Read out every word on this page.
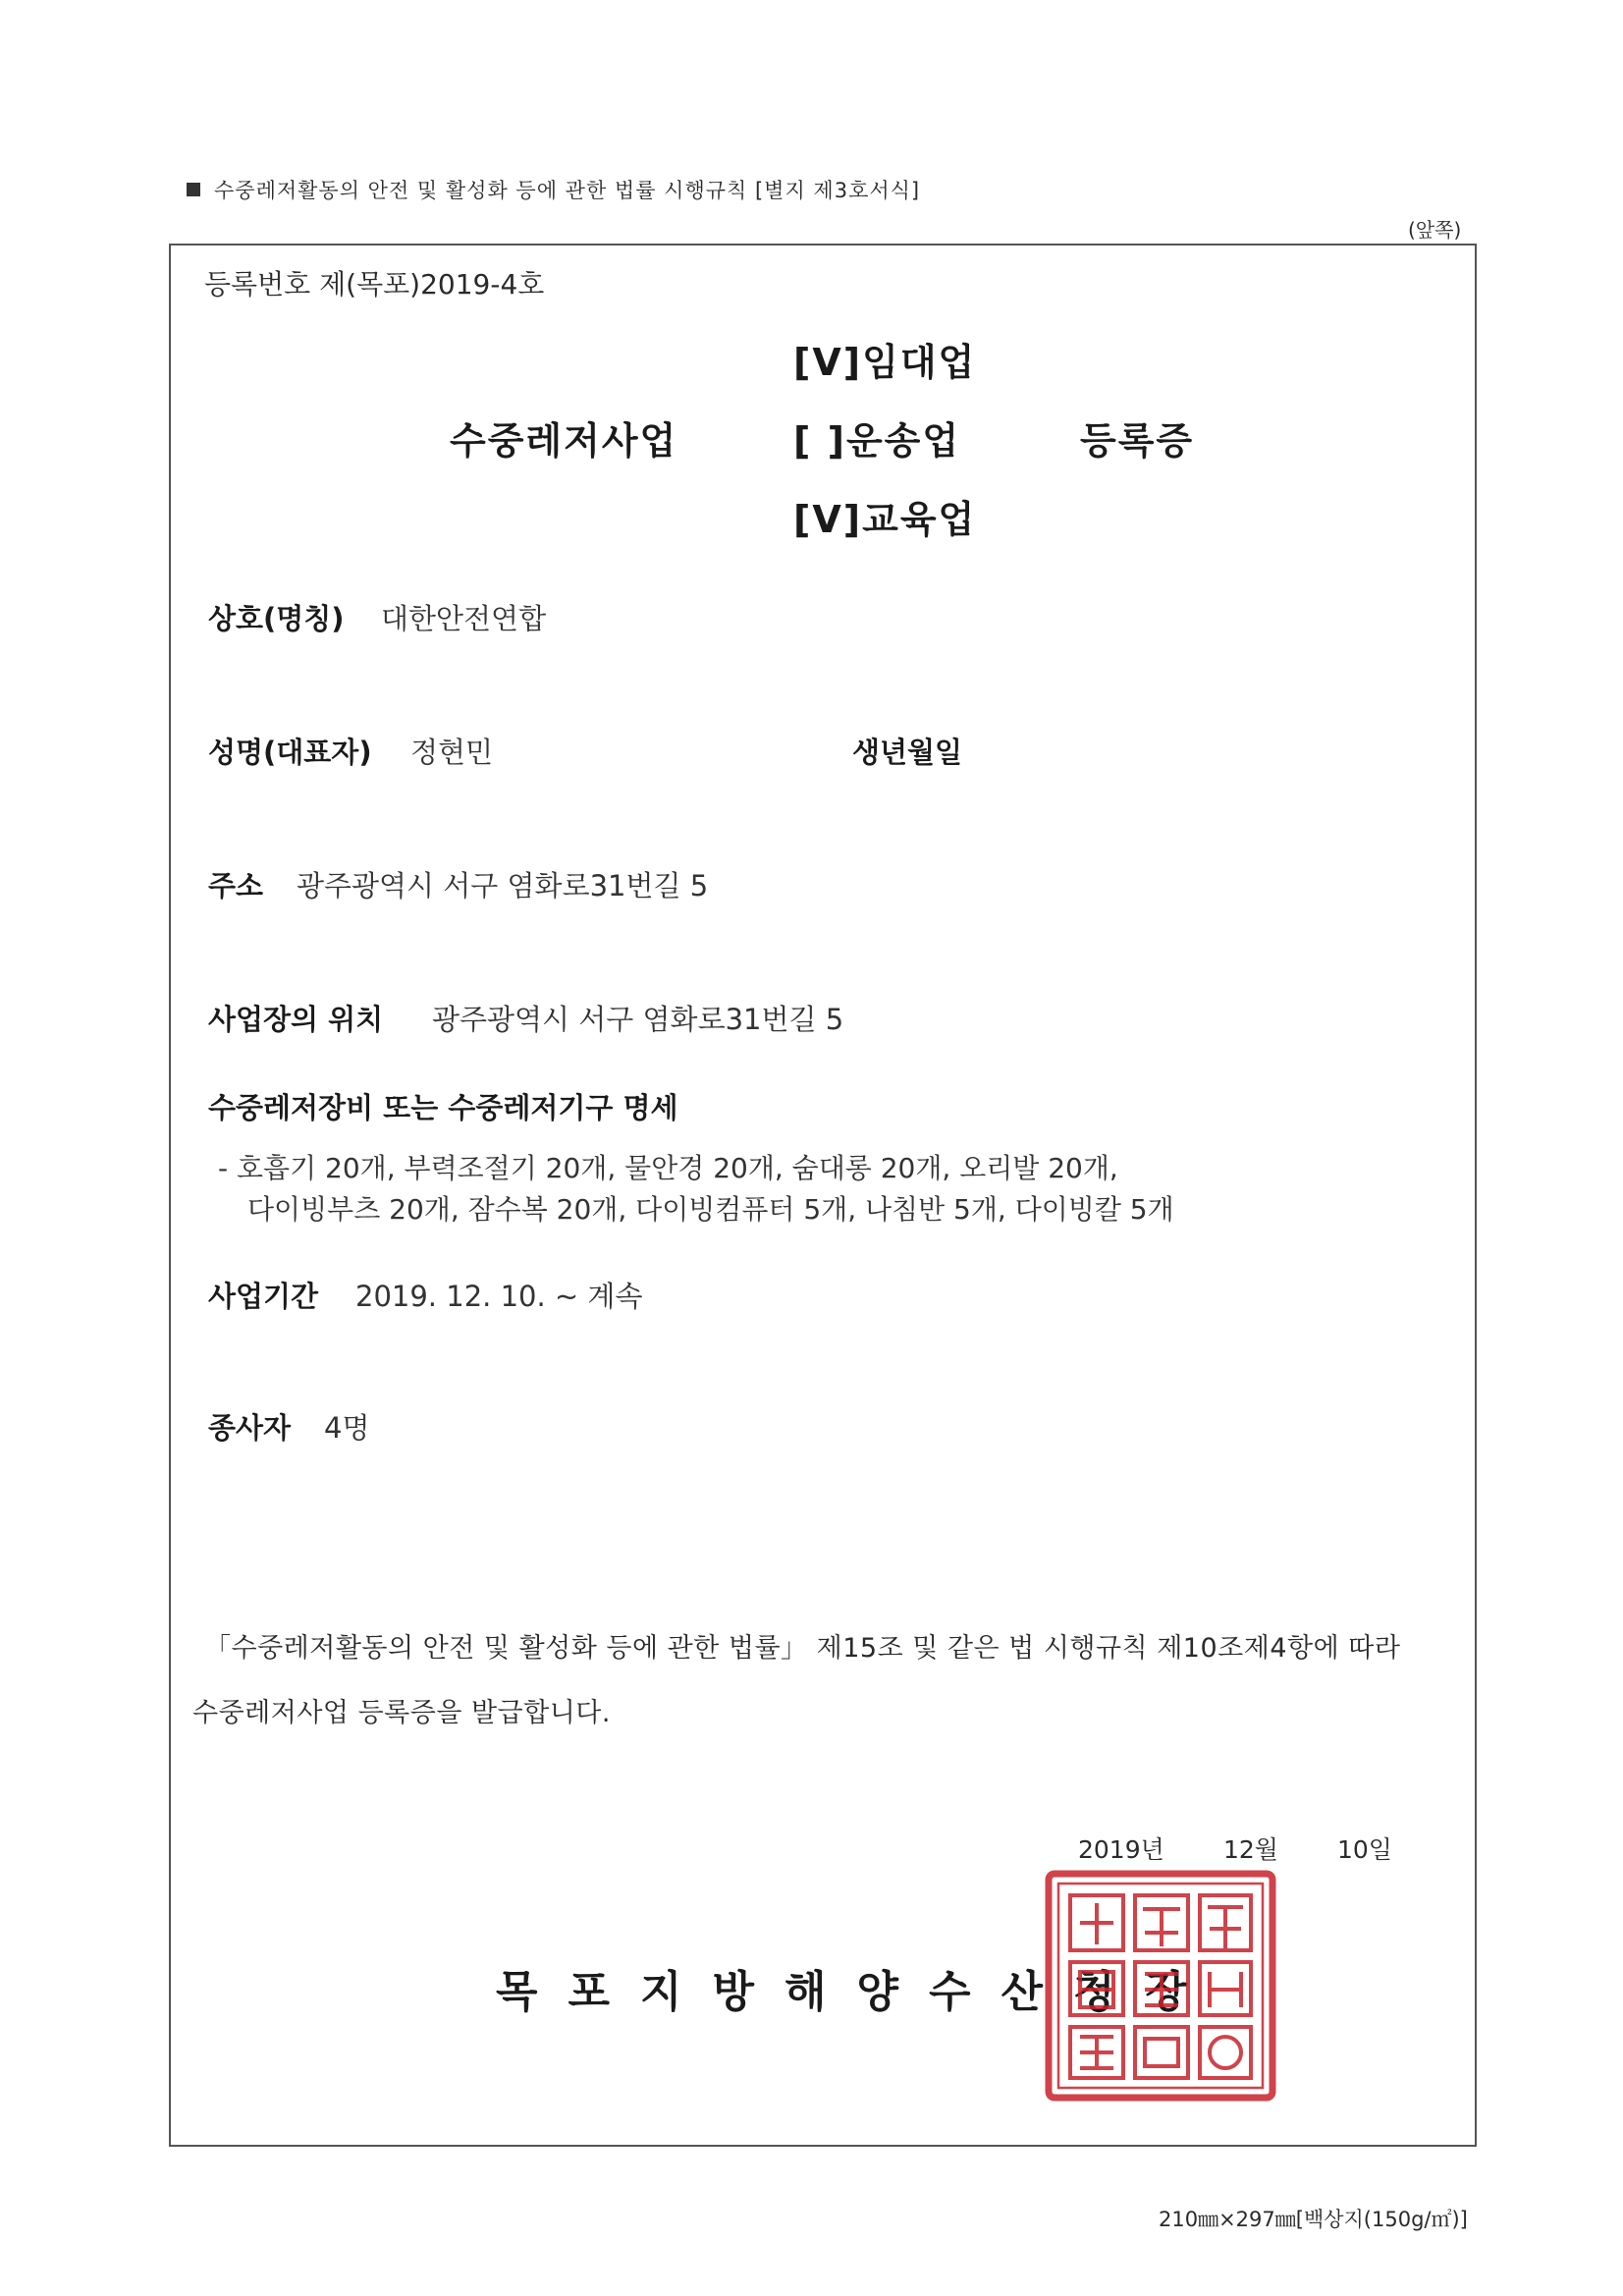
수중레저활동의 안전 및 활성화 등에 관한 법률 시행규칙 [별지 제3호서식]
(앞쪽)
등록번호 제(목포)2019-4호
수중레저사업
[V]임대업
[ ]운송업
[V]교육업
등록증
상호(명칭) 대한안전연합
성명(대표자) 정현민	생년월일
주소 광주광역시 서구 염화로31번길 5
사업장의 위치 광주광역시 서구 염화로31번길 5
수중레저장비 또는 수중레저기구 명세
- 호흡기 20개, 부력조절기 20개, 물안경 20개, 숨대롱 20개, 오리발 20개,
다이빙부츠 20개, 잠수복 20개, 다이빙컴퓨터 5개, 나침반 5개, 다이빙칼 5개
사업기간 2019. 12. 10. ~ 계속
종사자 4명
「수중레저활동의 안전 및 활성화 등에 관한 법률」 제15조 및 같은 법 시행규칙 제10조제4항에 따라
수중레저사업 등록증을 발급합니다.
2019년 12월 10일
목포지방해양수산청장
210㎜×297㎜[백상지(150g/㎡)]
